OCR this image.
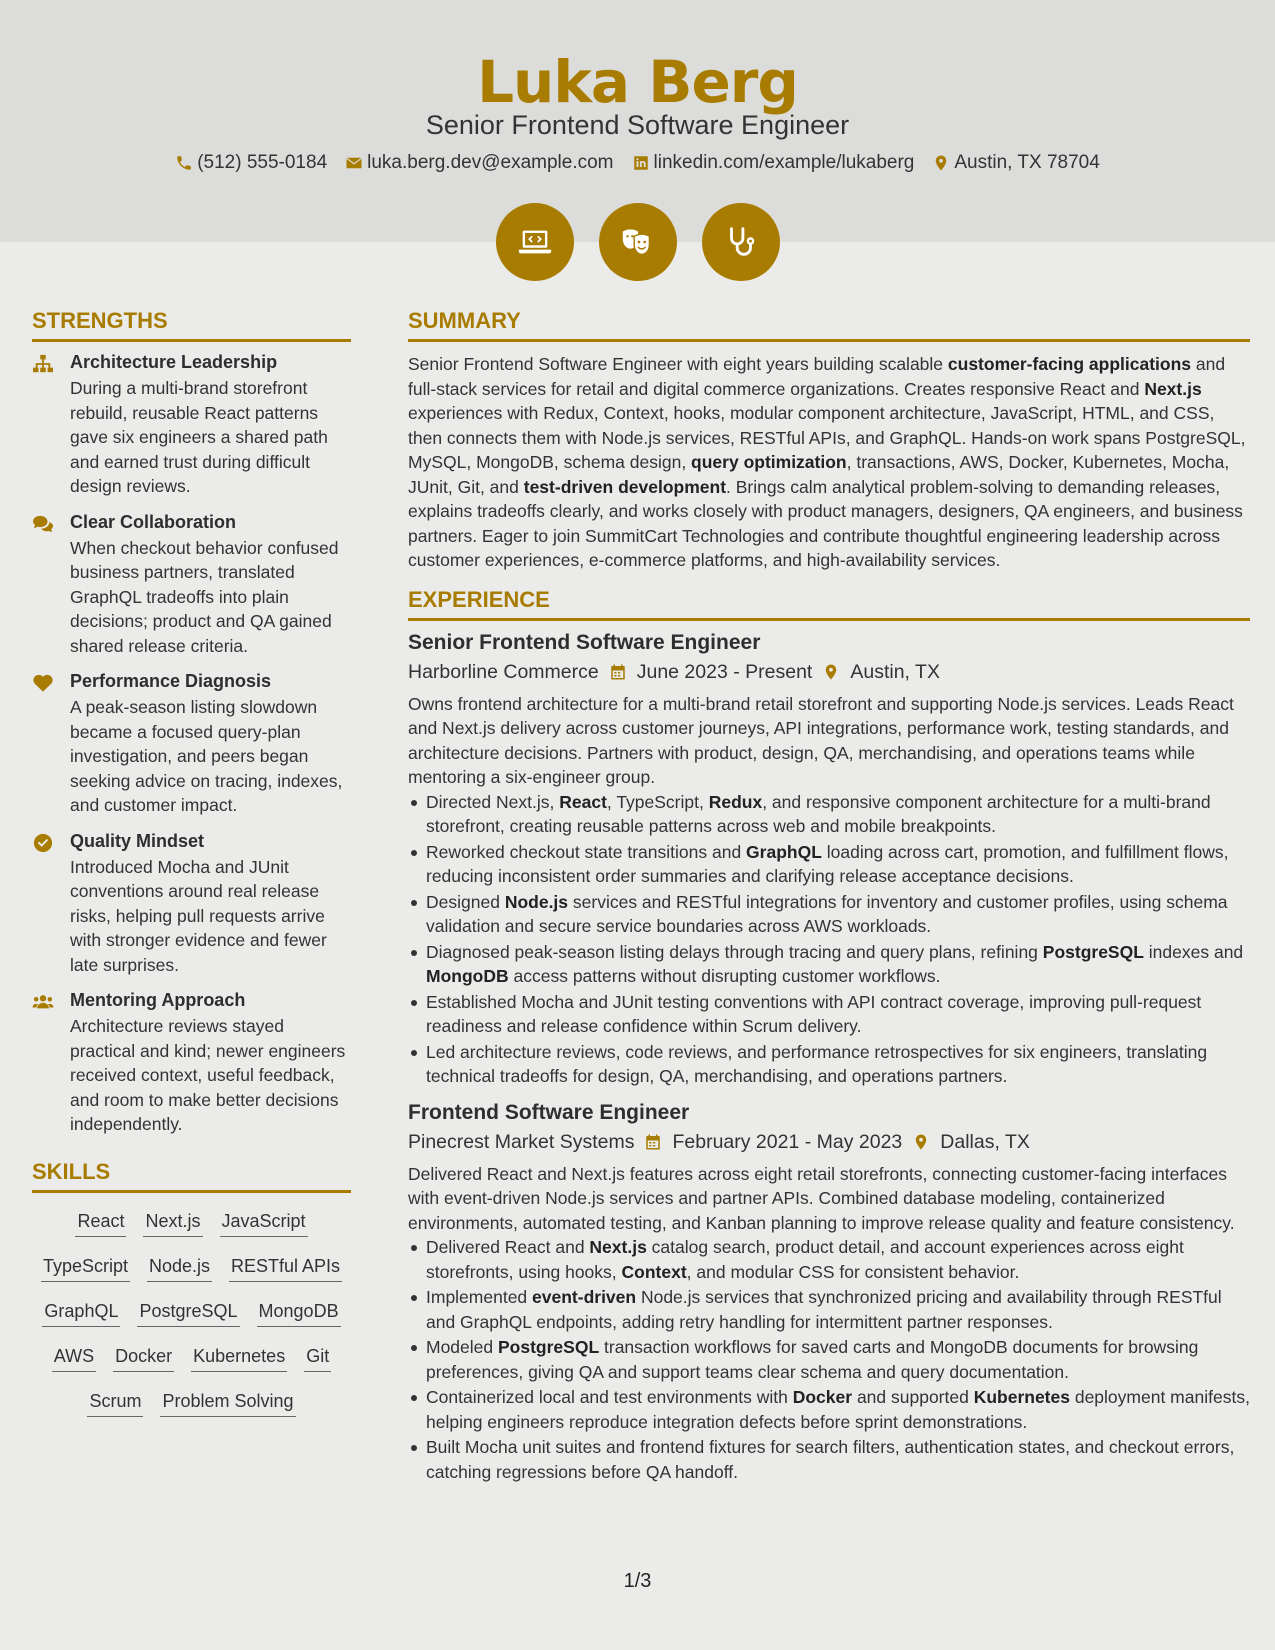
Luka Berg
Senior Frontend Software Engineer
(512) 555-0184 luka.berg.dev@example.com linkedin.com/example/lukaberg Austin, TX 78704
STRENGTHS
Architecture Leadership

During a multi-brand storefront rebuild, reusable React patterns gave six engineers a shared path and earned trust during difficult design reviews.

Clear Collaboration

When checkout behavior confused business partners, translated GraphQL tradeoffs into plain decisions; product and QA gained shared release criteria.

Performance Diagnosis

A peak-season listing slowdown became a focused query-plan investigation, and peers began seeking advice on tracing, indexes, and customer impact.

Quality Mindset

Introduced Mocha and JUnit conventions around real release risks, helping pull requests arrive with stronger evidence and fewer late surprises.

Mentoring Approach

Architecture reviews stayed practical and kind; newer engineers received context, useful feedback, and room to make better decisions independently.

SKILLS
React Next.js JavaScript
TypeScript Node.js RESTful APIs
GraphQL PostgreSQL MongoDB
AWS Docker Kubernetes Git
Scrum Problem Solving
SUMMARY

Senior Frontend Software Engineer with eight years building scalable customer-facing applications and full-stack services for retail and digital commerce organizations. Creates responsive React and Next.js experiences with Redux, Context, hooks, modular component architecture, JavaScript, HTML, and CSS, then connects them with Node.js services, RESTful APIs, and GraphQL. Hands-on work spans PostgreSQL, MySQL, MongoDB, schema design, query optimization, transactions, AWS, Docker, Kubernetes, Mocha, JUnit, Git, and test-driven development. Brings calm analytical problem-solving to demanding releases, explains tradeoffs clearly, and works closely with product managers, designers, QA engineers, and business partners. Eager to join SummitCart Technologies and contribute thoughtful engineering leadership across customer experiences, e-commerce platforms, and high-availability services.

EXPERIENCE
Senior Frontend Software Engineer
Harborline Commerce June 2023 - Present Austin, TX

Owns frontend architecture for a multi-brand retail storefront and supporting Node.js services. Leads React and Next.js delivery across customer journeys, API integrations, performance work, testing standards, and architecture decisions. Partners with product, design, QA, merchandising, and operations teams while mentoring a six-engineer group.

Directed Next.js, React, TypeScript, Redux, and responsive component architecture for a multi-brand storefront, creating reusable patterns across web and mobile breakpoints.
Reworked checkout state transitions and GraphQL loading across cart, promotion, and fulfillment flows, reducing inconsistent order summaries and clarifying release acceptance decisions.
Designed Node.js services and RESTful integrations for inventory and customer profiles, using schema validation and secure service boundaries across AWS workloads.
Diagnosed peak-season listing delays through tracing and query plans, refining PostgreSQL indexes and MongoDB access patterns without disrupting customer workflows.
Established Mocha and JUnit testing conventions with API contract coverage, improving pull-request readiness and release confidence within Scrum delivery.
Led architecture reviews, code reviews, and performance retrospectives for six engineers, translating technical tradeoffs for design, QA, merchandising, and operations partners.
Frontend Software Engineer
Pinecrest Market Systems February 2021 - May 2023 Dallas, TX

Delivered React and Next.js features across eight retail storefronts, connecting customer-facing interfaces with event-driven Node.js services and partner APIs. Combined database modeling, containerized environments, automated testing, and Kanban planning to improve release quality and feature consistency.

Delivered React and Next.js catalog search, product detail, and account experiences across eight storefronts, using hooks, Context, and modular CSS for consistent behavior.
Implemented event-driven Node.js services that synchronized pricing and availability through RESTful and GraphQL endpoints, adding retry handling for intermittent partner responses.
Modeled PostgreSQL transaction workflows for saved carts and MongoDB documents for browsing preferences, giving QA and support teams clear schema and query documentation.
Containerized local and test environments with Docker and supported Kubernetes deployment manifests, helping engineers reproduce integration defects before sprint demonstrations.
Built Mocha unit suites and frontend fixtures for search filters, authentication states, and checkout errors, catching regressions before QA handoff.
1/3
